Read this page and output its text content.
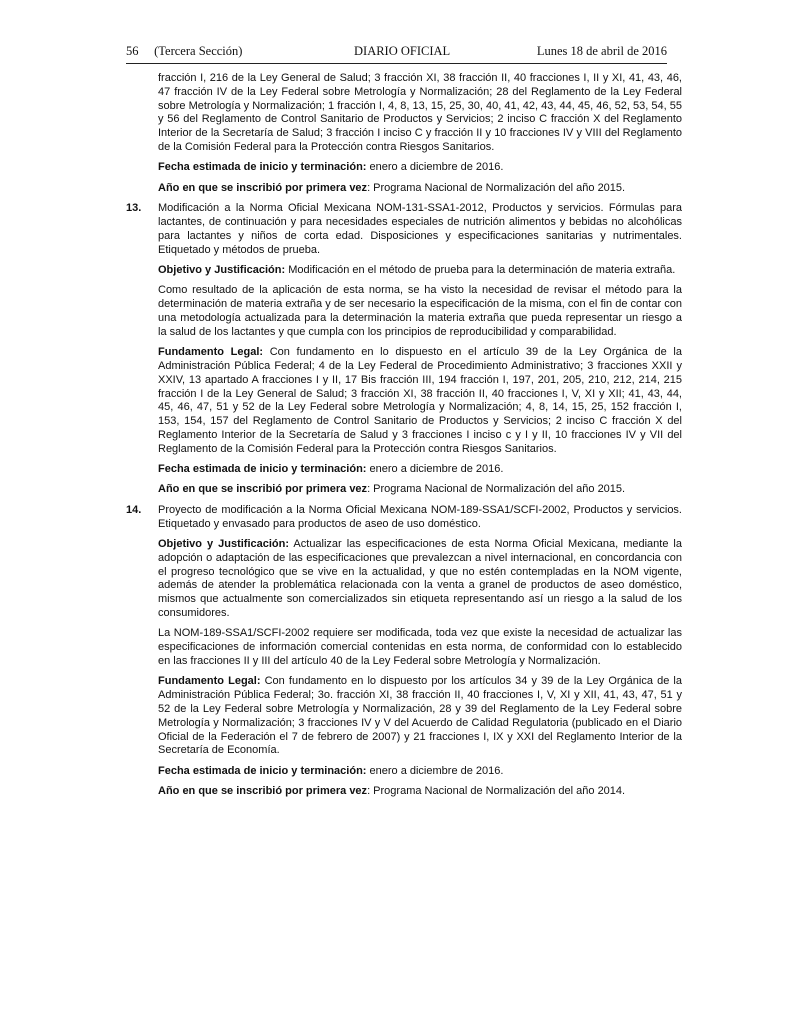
56     (Tercera Sección)	DIARIO OFICIAL	Lunes 18 de abril de 2016

fracción I, 216 de la Ley General de Salud; 3 fracción XI, 38 fracción II, 40 fracciones I, II y XI, 41, 43, 46, 47 fracción IV de la Ley Federal sobre Metrología y Normalización; 28 del Reglamento de la Ley Federal sobre Metrología y Normalización; 1 fracción I, 4, 8, 13, 15, 25, 30, 40, 41, 42, 43, 44, 45, 46, 52, 53, 54, 55 y 56 del Reglamento de Control Sanitario de Productos y Servicios; 2 inciso C fracción X del Reglamento Interior de la Secretaría de Salud; 3 fracción I inciso C y fracción II y 10 fracciones IV y VIII del Reglamento de la Comisión Federal para la Protección contra Riesgos Sanitarios.

Fecha estimada de inicio y terminación: enero a diciembre de 2016.

Año en que se inscribió por primera vez: Programa Nacional de Normalización del año 2015.

13.	Modificación a la Norma Oficial Mexicana NOM-131-SSA1-2012, Productos y servicios. Fórmulas para lactantes, de continuación y para necesidades especiales de nutrición alimentos y bebidas no alcohólicas para lactantes y niños de corta edad. Disposiciones y especificaciones sanitarias y nutrimentales. Etiquetado y métodos de prueba.

Objetivo y Justificación: Modificación en el método de prueba para la determinación de materia extraña.

Como resultado de la aplicación de esta norma, se ha visto la necesidad de revisar el método para la determinación de materia extraña y de ser necesario la especificación de la misma, con el fin de contar con una metodología actualizada para la determinación la materia extraña que pueda representar un riesgo a la salud de los lactantes y que cumpla con los principios de reproducibilidad y comparabilidad.

Fundamento Legal: Con fundamento en lo dispuesto en el artículo 39 de la Ley Orgánica de la Administración Pública Federal; 4 de la Ley Federal de Procedimiento Administrativo; 3 fracciones XXII y XXIV, 13 apartado A fracciones I y II, 17 Bis fracción III, 194 fracción I, 197, 201, 205, 210, 212, 214, 215 fracción I de la Ley General de Salud; 3 fracción XI, 38 fracción II, 40 fracciones I, V, XI y XII; 41, 43, 44, 45, 46, 47, 51 y 52 de la Ley Federal sobre Metrología y Normalización; 4, 8, 14, 15, 25, 152 fracción I, 153, 154, 157 del Reglamento de Control Sanitario de Productos y Servicios; 2 inciso C fracción X del Reglamento Interior de la Secretaría de Salud y 3 fracciones I inciso c y I y II, 10 fracciones IV y VII del Reglamento de la Comisión Federal para la Protección contra Riesgos Sanitarios.

Fecha estimada de inicio y terminación: enero a diciembre de 2016.

Año en que se inscribió por primera vez: Programa Nacional de Normalización del año 2015.

14.	Proyecto de modificación a la Norma Oficial Mexicana NOM-189-SSA1/SCFI-2002, Productos y servicios. Etiquetado y envasado para productos de aseo de uso doméstico.

Objetivo y Justificación: Actualizar las especificaciones de esta Norma Oficial Mexicana, mediante la adopción o adaptación de las especificaciones que prevalezcan a nivel internacional, en concordancia con el progreso tecnológico que se vive en la actualidad, y que no estén contempladas en la NOM vigente, además de atender la problemática relacionada con la venta a granel de productos de aseo doméstico, mismos que actualmente son comercializados sin etiqueta representando así un riesgo a la salud de los consumidores.

La NOM-189-SSA1/SCFI-2002 requiere ser modificada, toda vez que existe la necesidad de actualizar las especificaciones de información comercial contenidas en esta norma, de conformidad con lo establecido en las fracciones II y III del artículo 40 de la Ley Federal sobre Metrología y Normalización.

Fundamento Legal: Con fundamento en lo dispuesto por los artículos 34 y 39 de la Ley Orgánica de la Administración Pública Federal; 3o. fracción XI, 38 fracción II, 40 fracciones I, V, XI y XII, 41, 43, 47, 51 y 52 de la Ley Federal sobre Metrología y Normalización, 28 y 39 del Reglamento de la Ley Federal sobre Metrología y Normalización; 3 fracciones IV y V del Acuerdo de Calidad Regulatoria (publicado en el Diario Oficial de la Federación el 7 de febrero de 2007) y 21 fracciones I, IX y XXI del Reglamento Interior de la Secretaría de Economía.

Fecha estimada de inicio y terminación: enero a diciembre de 2016.

Año en que se inscribió por primera vez: Programa Nacional de Normalización del año 2014.
